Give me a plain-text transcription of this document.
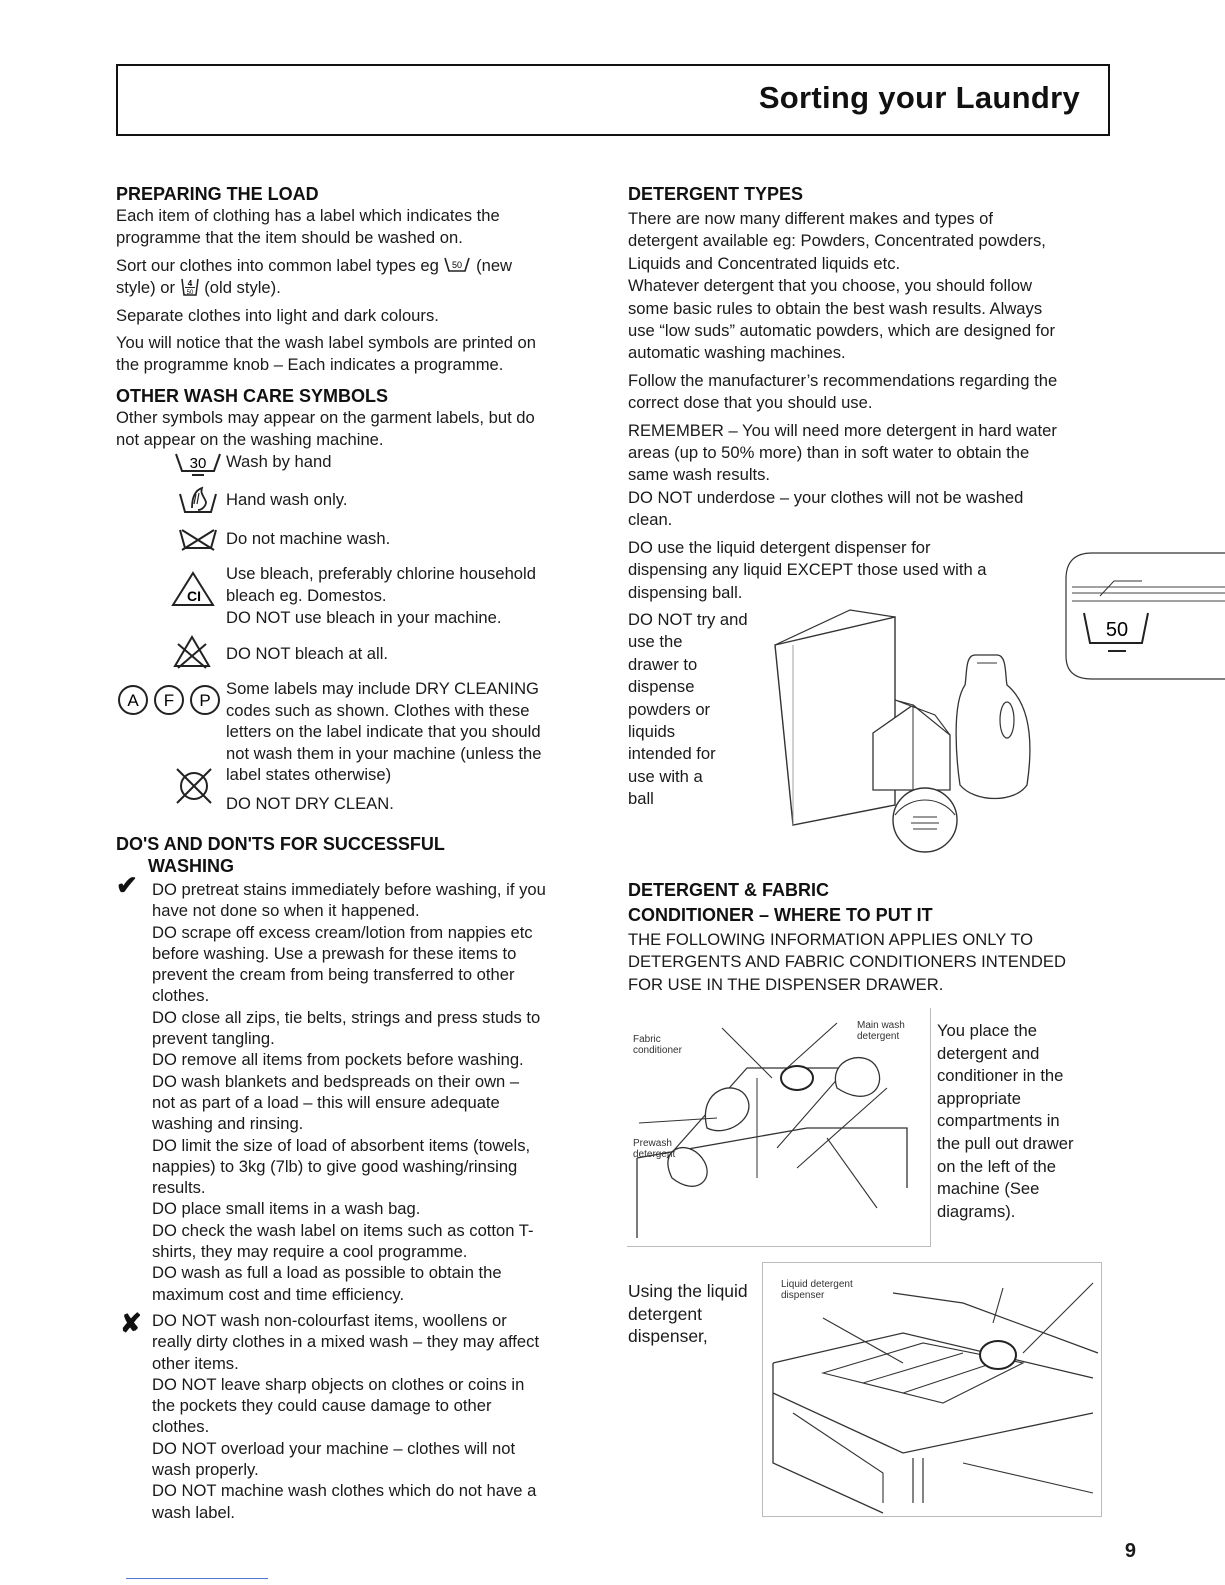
Sorting your Laundry

PREPARING THE LOAD

Each item of clothing has a label which indicates the

programme that the item should be washed on.

Sort our clothes into common label types eg 50 (new

style) or 4
50 (old style).

Separate clothes into light and dark colours.

You will notice that the wash label symbols are printed on

the programme knob – Each indicates a programme.

OTHER WASH CARE SYMBOLS

Other symbols may appear on the garment labels, but do

not appear on the washing machine.

30 Wash by hand
Hand wash only.
Do not machine wash.
CI
Use bleach, preferably chlorine household
bleach eg. Domestos.
DO NOT use bleach in your machine.
DO NOT bleach at all.
A F P
Some labels may include DRY CLEANING
codes such as shown. Clothes with these
letters on the label indicate that you should
not wash them in your machine (unless the
label states otherwise)
DO NOT DRY CLEAN.

DO'S AND DON'TS FOR SUCCESSFUL

WASHING

✔ DO pretreat stains immediately before washing, if you

have not done so when it happened.

DO scrape off excess cream/lotion from nappies etc

before washing. Use a prewash for these items to

prevent the cream from being transferred to other

clothes.

DO close all zips, tie belts, strings and press studs to

prevent tangling.

DO remove all items from pockets before washing.

DO wash blankets and bedspreads on their own –

not as part of a load – this will ensure adequate

washing and rinsing.

DO limit the size of load of absorbent items (towels,

nappies) to 3kg (7lb) to give good washing/rinsing

results.

DO place small items in a wash bag.

DO check the wash label on items such as cotton T-

shirts, they may require a cool programme.

DO wash as full a load as possible to obtain the

maximum cost and time efficiency.

✘ DO NOT wash non-colourfast items, woollens or

really dirty clothes in a mixed wash – they may affect

other items.

DO NOT leave sharp objects on clothes or coins in

the pockets they could cause damage to other

clothes.

DO NOT overload your machine – clothes will not

wash properly.

DO NOT machine wash clothes which do not have a

wash label.

DETERGENT TYPES

There are now many different makes and types of

detergent available eg: Powders, Concentrated powders,

Liquids and Concentrated liquids etc.

Whatever detergent that you choose, you should follow

some basic rules to obtain the best wash results. Always

use “low suds” automatic powders, which are designed for

automatic washing machines.

Follow the manufacturer’s recommendations regarding the

correct dose that you should use.

REMEMBER – You will need more detergent in hard water

areas (up to 50% more) than in soft water to obtain the

same wash results.

DO NOT underdose – your clothes will not be washed

clean.

DO use the liquid detergent dispenser for

dispensing any liquid EXCEPT those used with a

dispensing ball.

DO NOT try and

use the

drawer to

dispense

powders or

liquids

intended for

use with a

ball

50

DETERGENT & FABRIC

CONDITIONER – WHERE TO PUT IT

THE FOLLOWING INFORMATION APPLIES ONLY TO

DETERGENTS AND FABRIC CONDITIONERS INTENDED

FOR USE IN THE DISPENSER DRAWER.

Fabric
conditioner
Main wash
detergent
Prewash
detergent

You place the

detergent and

conditioner in the

appropriate

compartments in

the pull out drawer

on the left of the

machine (See

diagrams).

Using the liquid

detergent

dispenser,

Liquid detergent
dispenser
9
